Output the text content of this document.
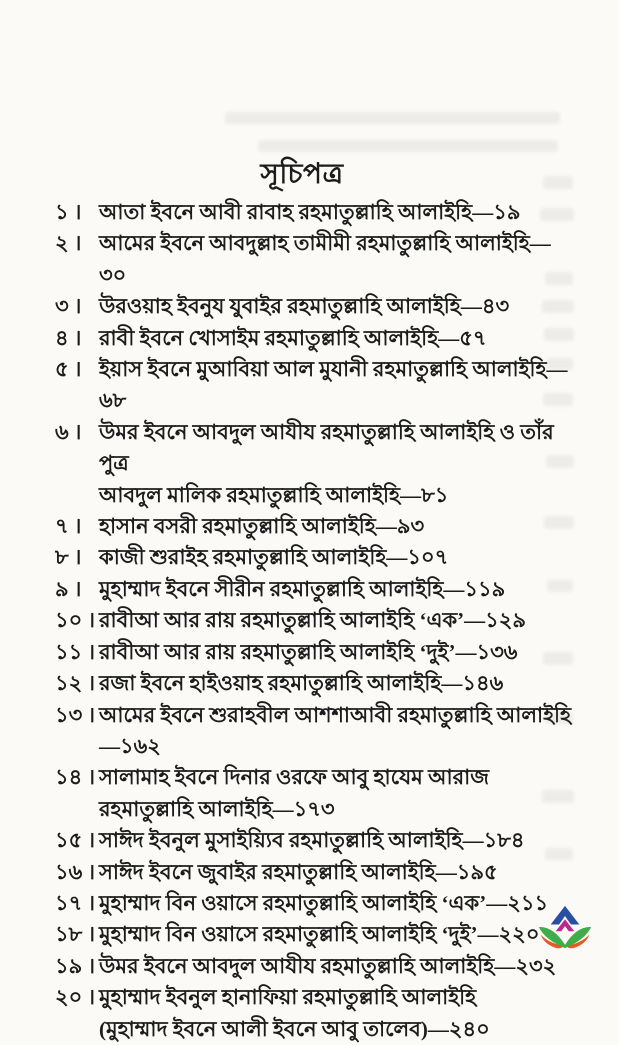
সূচিপত্র
১ । আতা ইবনে আবী রাবাহ রহমাতুল্লাহি আলাইহি—১৯
২ । আমের ইবনে আবদুল্লাহ তামীমী রহমাতুল্লাহি আলাইহি—৩০
৩ । উরওয়াহ ইবনুয যুবাইর রহমাতুল্লাহি আলাইহি—৪৩
৪ । রাবী ইবনে খোসাইম রহমাতুল্লাহি আলাইহি—৫৭
৫ । ইয়াস ইবনে মুআবিয়া আল মুযানী রহমাতুল্লাহি আলাইহি—৬৮
৬ । উমর ইবনে আবদুল আযীয রহমাতুল্লাহি আলাইহি ও তাঁর পুত্র
আবদুল মালিক রহমাতুল্লাহি আলাইহি—৮১
৭ । হাসান বসরী রহমাতুল্লাহি আলাইহি—৯৩
৮ । কাজী শুরাইহ রহমাতুল্লাহি আলাইহি—১০৭
৯ । মুহাম্মাদ ইবনে সীরীন রহমাতুল্লাহি আলাইহি—১১৯
১০ । রাবীআ আর রায় রহমাতুল্লাহি আলাইহি ‘এক’—১২৯
১১ । রাবীআ আর রায় রহমাতুল্লাহি আলাইহি ‘দুই’—১৩৬
১২ । রজা ইবনে হাইওয়াহ রহমাতুল্লাহি আলাইহি—১৪৬
১৩ । আমের ইবনে শুরাহবীল আশশাআবী রহমাতুল্লাহি আলাইহি—১৬২
১৪ । সালামাহ ইবনে দিনার ওরফে আবু হাযেম আরাজ
রহমাতুল্লাহি আলাইহি—১৭৩
১৫ । সাঈদ ইবনুল মুসাইয়্যিব রহমাতুল্লাহি আলাইহি—১৮৪
১৬ । সাঈদ ইবনে জুবাইর রহমাতুল্লাহি আলাইহি—১৯৫
১৭ । মুহাম্মাদ বিন ওয়াসে রহমাতুল্লাহি আলাইহি ‘এক’—২১১
১৮ । মুহাম্মাদ বিন ওয়াসে রহমাতুল্লাহি আলাইহি ‘দুই’—২২০
১৯ । উমর ইবনে আবদুল আযীয রহমাতুল্লাহি আলাইহি—২৩২
২০ । মুহাম্মাদ ইবনুল হানাফিয়া রহমাতুল্লাহি আলাইহি
(মুহাম্মাদ ইবনে আলী ইবনে আবু তালেব)—২৪০
